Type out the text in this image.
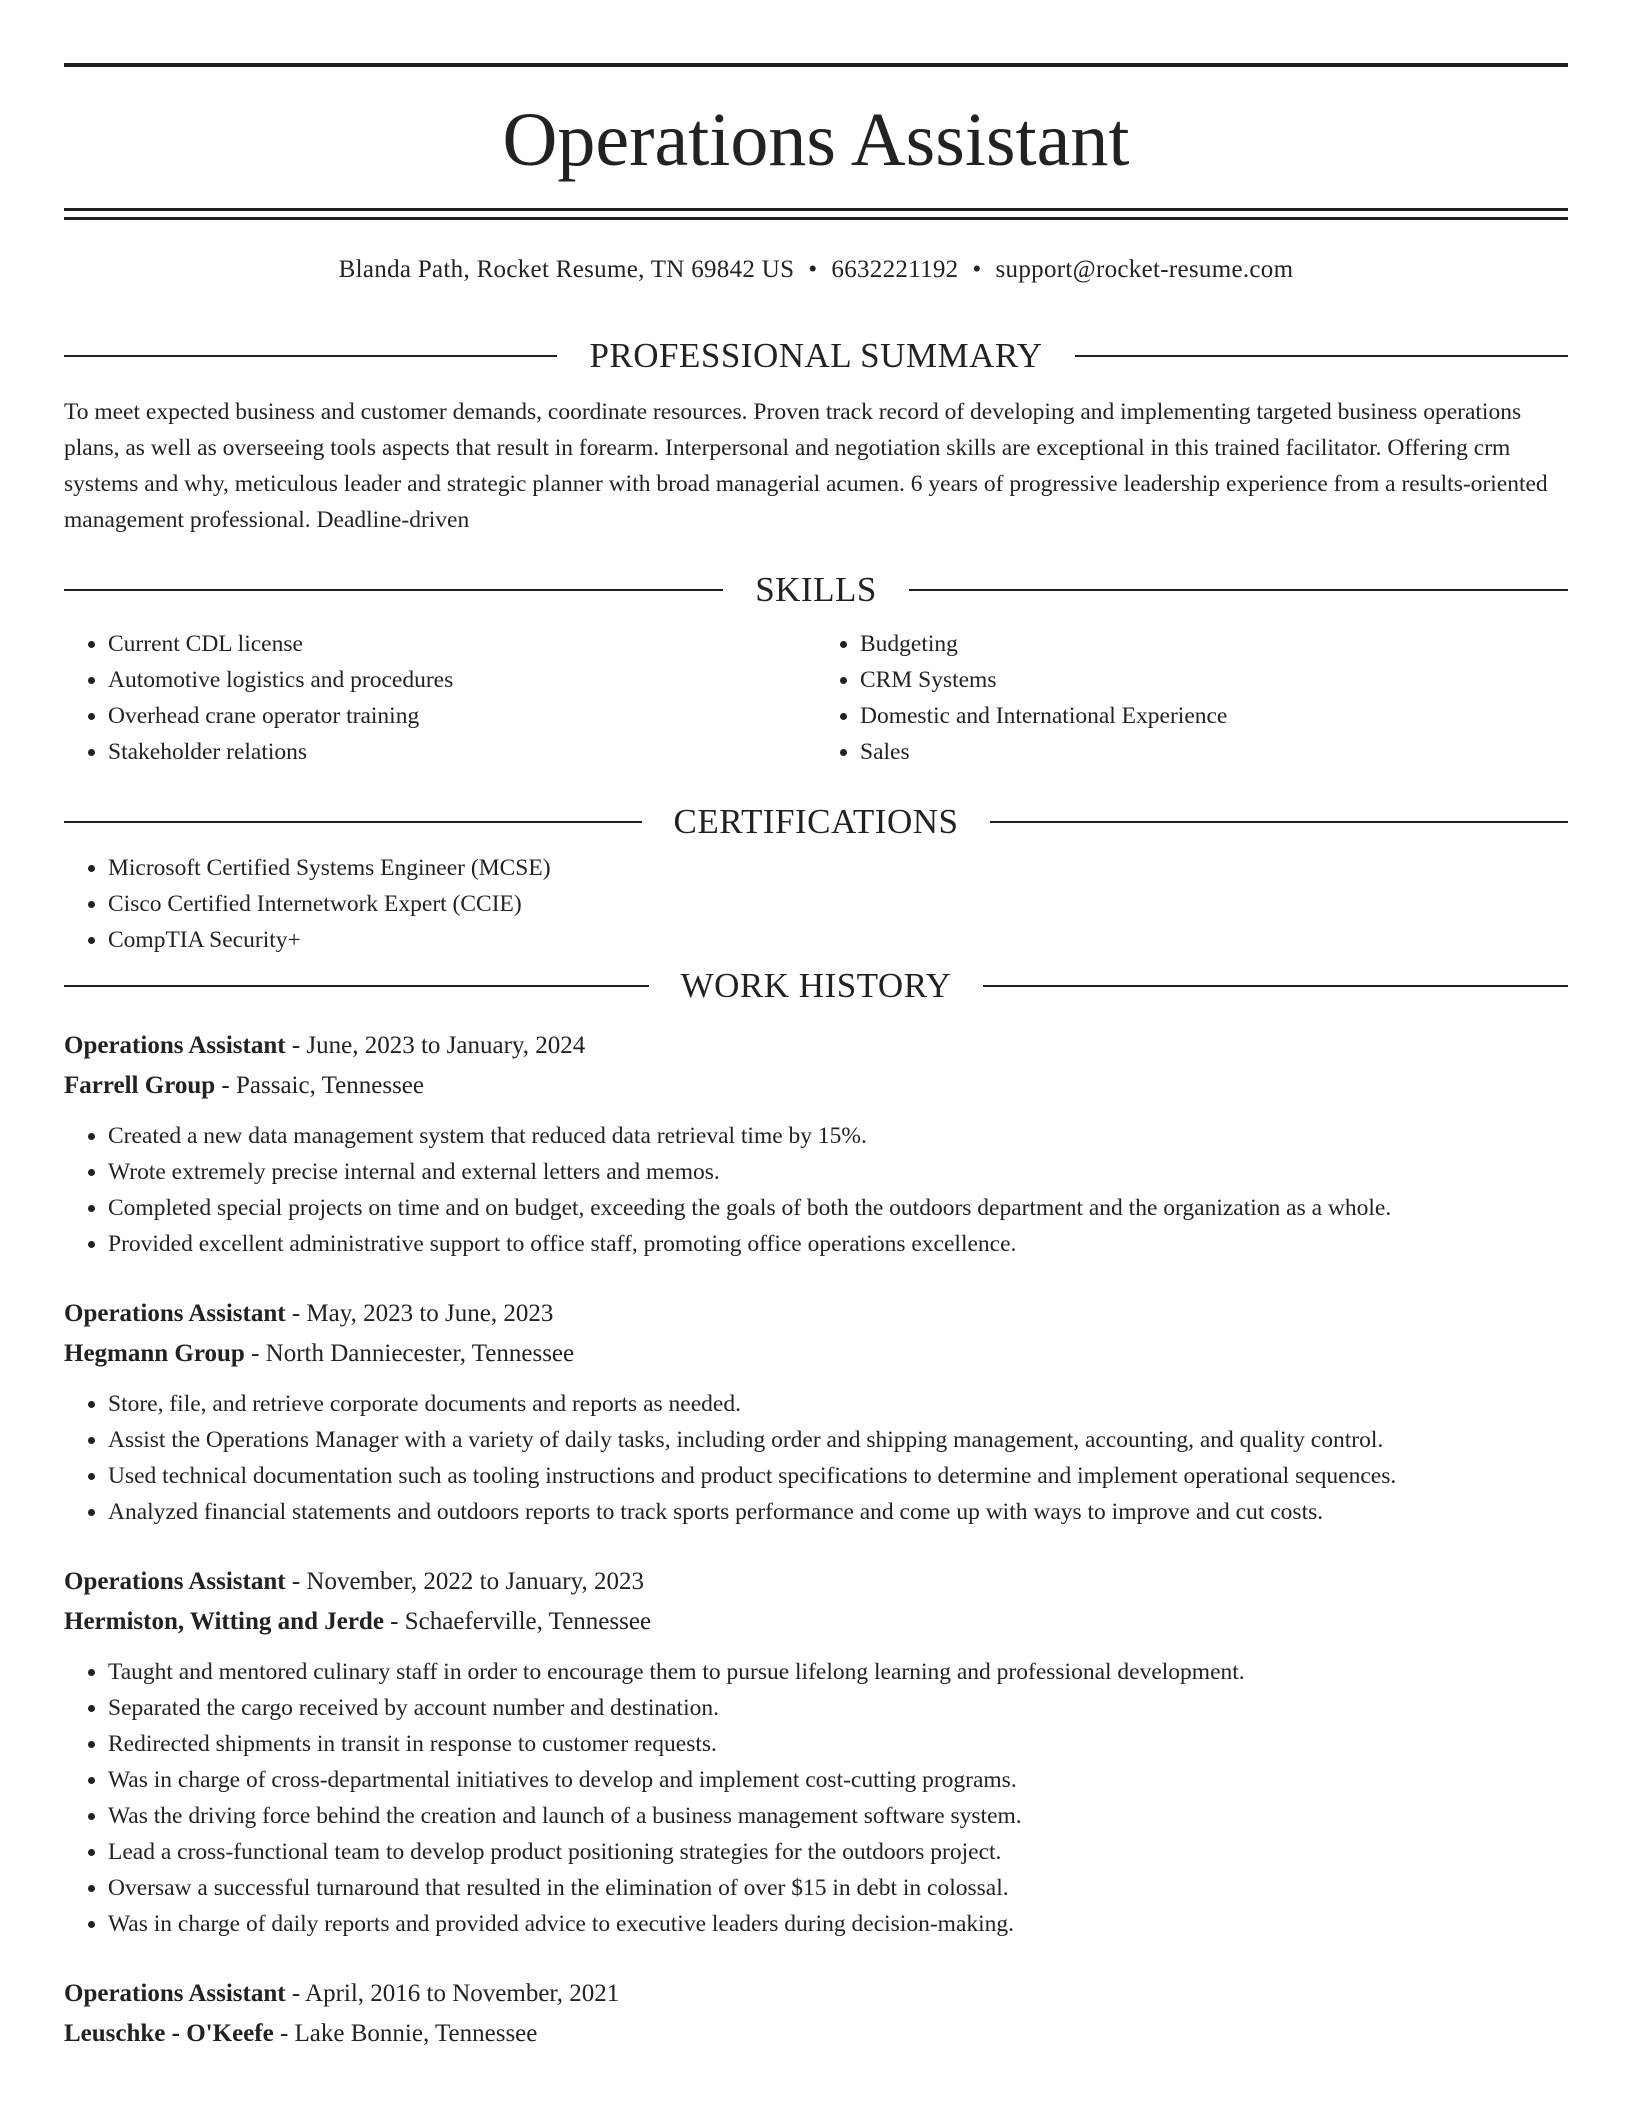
Operations Assistant
Blanda Path, Rocket Resume, TN 69842 US • 6632221192 • support@rocket-resume.com
PROFESSIONAL SUMMARY

To meet expected business and customer demands, coordinate resources. Proven track record of developing and implementing targeted business operations plans, as well as overseeing tools aspects that result in forearm. Interpersonal and negotiation skills are exceptional in this trained facilitator. Offering crm systems and why, meticulous leader and strategic planner with broad managerial acumen. 6 years of progressive leadership experience from a results-oriented management professional. Deadline-driven

SKILLS
• Current CDL license
• Automotive logistics and procedures
• Overhead crane operator training
• Stakeholder relations
• Budgeting
• CRM Systems
• Domestic and International Experience
• Sales
CERTIFICATIONS
• Microsoft Certified Systems Engineer (MCSE)
• Cisco Certified Internetwork Expert (CCIE)
• CompTIA Security+
WORK HISTORY
Operations Assistant - June, 2023 to January, 2024
Farrell Group - Passaic, Tennessee
• Created a new data management system that reduced data retrieval time by 15%.
• Wrote extremely precise internal and external letters and memos.
• Completed special projects on time and on budget, exceeding the goals of both the outdoors department and the organization as a whole.
• Provided excellent administrative support to office staff, promoting office operations excellence.
Operations Assistant - May, 2023 to June, 2023
Hegmann Group - North Danniecester, Tennessee
• Store, file, and retrieve corporate documents and reports as needed.
• Assist the Operations Manager with a variety of daily tasks, including order and shipping management, accounting, and quality control.
• Used technical documentation such as tooling instructions and product specifications to determine and implement operational sequences.
• Analyzed financial statements and outdoors reports to track sports performance and come up with ways to improve and cut costs.
Operations Assistant - November, 2022 to January, 2023
Hermiston, Witting and Jerde - Schaeferville, Tennessee
• Taught and mentored culinary staff in order to encourage them to pursue lifelong learning and professional development.
• Separated the cargo received by account number and destination.
• Redirected shipments in transit in response to customer requests.
• Was in charge of cross-departmental initiatives to develop and implement cost-cutting programs.
• Was the driving force behind the creation and launch of a business management software system.
• Lead a cross-functional team to develop product positioning strategies for the outdoors project.
• Oversaw a successful turnaround that resulted in the elimination of over $15 in debt in colossal.
• Was in charge of daily reports and provided advice to executive leaders during decision-making.
Operations Assistant - April, 2016 to November, 2021
Leuschke - O'Keefe - Lake Bonnie, Tennessee
